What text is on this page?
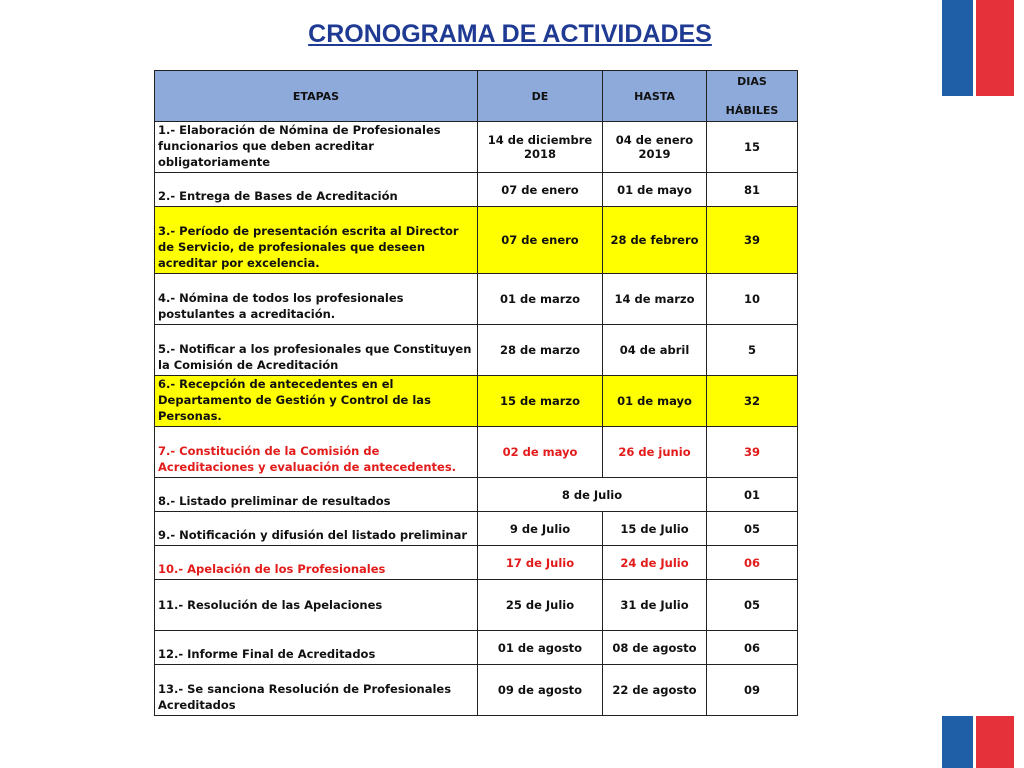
CRONOGRAMA DE ACTIVIDADES
ETAPAS	DE	HASTA	DIAS
HÁBILES

1.- Elaboración de Nómina de Profesionales funcionarios que deben acreditar obligatoriamente	14 de diciembre 2018	04 de enero 2019	15

2.- Entrega de Bases de Acreditación	07 de enero	01 de mayo	81

3.- Período de presentación escrita al Director de Servicio, de profesionales que deseen acreditar por excelencia.	07 de enero	28 de febrero	39

4.- Nómina de todos los profesionales postulantes a acreditación.	01 de marzo	14 de marzo	10

5.- Notificar a los profesionales que Constituyen la Comisión de Acreditación	28 de marzo	04 de abril	5

6.- Recepción de antecedentes en el Departamento de Gestión y Control de las Personas.	15 de marzo	01 de mayo	32

7.- Constitución de la Comisión de Acreditaciones y evaluación de antecedentes.	02 de mayo	26 de junio	39

8.- Listado preliminar de resultados	8 de Julio		01

9.- Notificación y difusión del listado preliminar	9 de Julio	15 de Julio	05

10.- Apelación de los Profesionales	17 de Julio	24 de Julio	06

11.- Resolución de las Apelaciones	25 de Julio	31 de Julio	05

12.- Informe Final de Acreditados	01 de agosto	08 de agosto	06

13.- Se sanciona Resolución de Profesionales Acreditados	09 de agosto	22 de agosto	09
